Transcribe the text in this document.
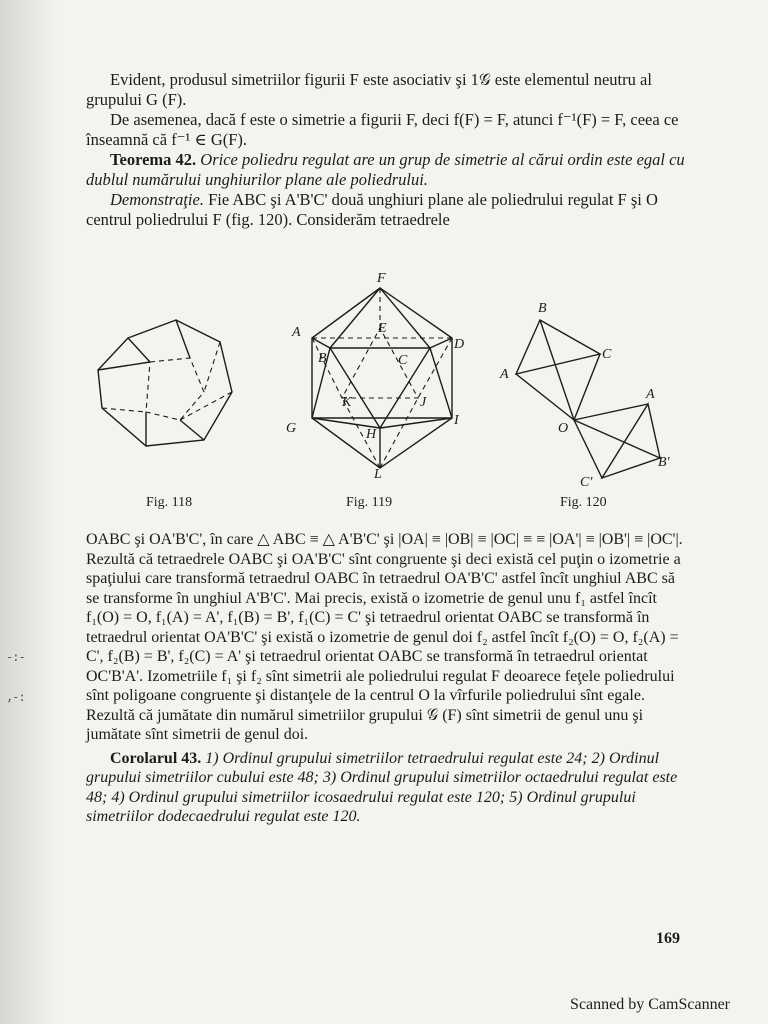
-:-
,-:

Evident, produsul simetriilor figurii F este asociativ şi 1𝒢 este elementul neutru al grupului G (F).

De asemenea, dacă f este o simetrie a figurii F, deci f(F) = F, atunci f⁻¹(F) = F, ceea ce înseamnă că f⁻¹ ∈ G(F).

Teorema 42. Orice poliedru regulat are un grup de simetrie al cărui ordin este egal cu dublul numărului unghiurilor plane ale poliedrului.

Demonstraţie. Fie ABC şi A'B'C' două unghiuri plane ale poliedrului regulat F şi O centrul poliedrului F (fig. 120). Considerăm tetraedrele

F
A
D
B
E
C
G
I
K	J
H
L
B
C
A
O
A
B'
C'
Fig. 118	Fig. 119	Fig. 120

OABC şi OA'B'C', în care △ ABC ≡ △ A'B'C' şi |OA| ≡ |OB| ≡ |OC| ≡ ≡ |OA'| ≡ |OB'| ≡ |OC'|. Rezultă că tetraedrele OABC şi OA'B'C' sînt congruente şi deci există cel puţin o izometrie a spaţiului care transformă tetraedrul OABC în tetraedrul OA'B'C' astfel încît unghiul ABC să se transforme în unghiul A'B'C'. Mai precis, există o izometrie de genul unu f₁ astfel încît f₁(O) = O, f₁(A) = A', f₁(B) = B', f₁(C) = C' şi tetraedrul orientat OABC se transformă în tetraedrul orientat OA'B'C' şi există o izometrie de genul doi f₂ astfel încît f₂(O) = O, f₂(A) = C', f₂(B) = B', f₂(C) = A' şi tetraedrul orientat OABC se transformă în tetraedrul orientat OC'B'A'. Izometriile f₁ şi f₂ sînt simetrii ale poliedrului regulat F deoarece feţele poliedrului sînt poligoane congruente şi distanţele de la centrul O la vîrfurile poliedrului sînt egale. Rezultă că jumătate din numărul simetriilor grupului 𝒢 (F) sînt simetrii de genul unu şi jumătate sînt simetrii de genul doi.

Corolarul 43. 1) Ordinul grupului simetriilor tetraedrului regulat este 24; 2) Ordinul grupului simetriilor cubului este 48; 3) Ordinul grupului simetriilor octaedrului regulat este 48; 4) Ordinul grupului simetriilor icosaedrului regulat este 120; 5) Ordinul grupului simetriilor dodecaedrului regulat este 120.

169
Scanned by CamScanner
